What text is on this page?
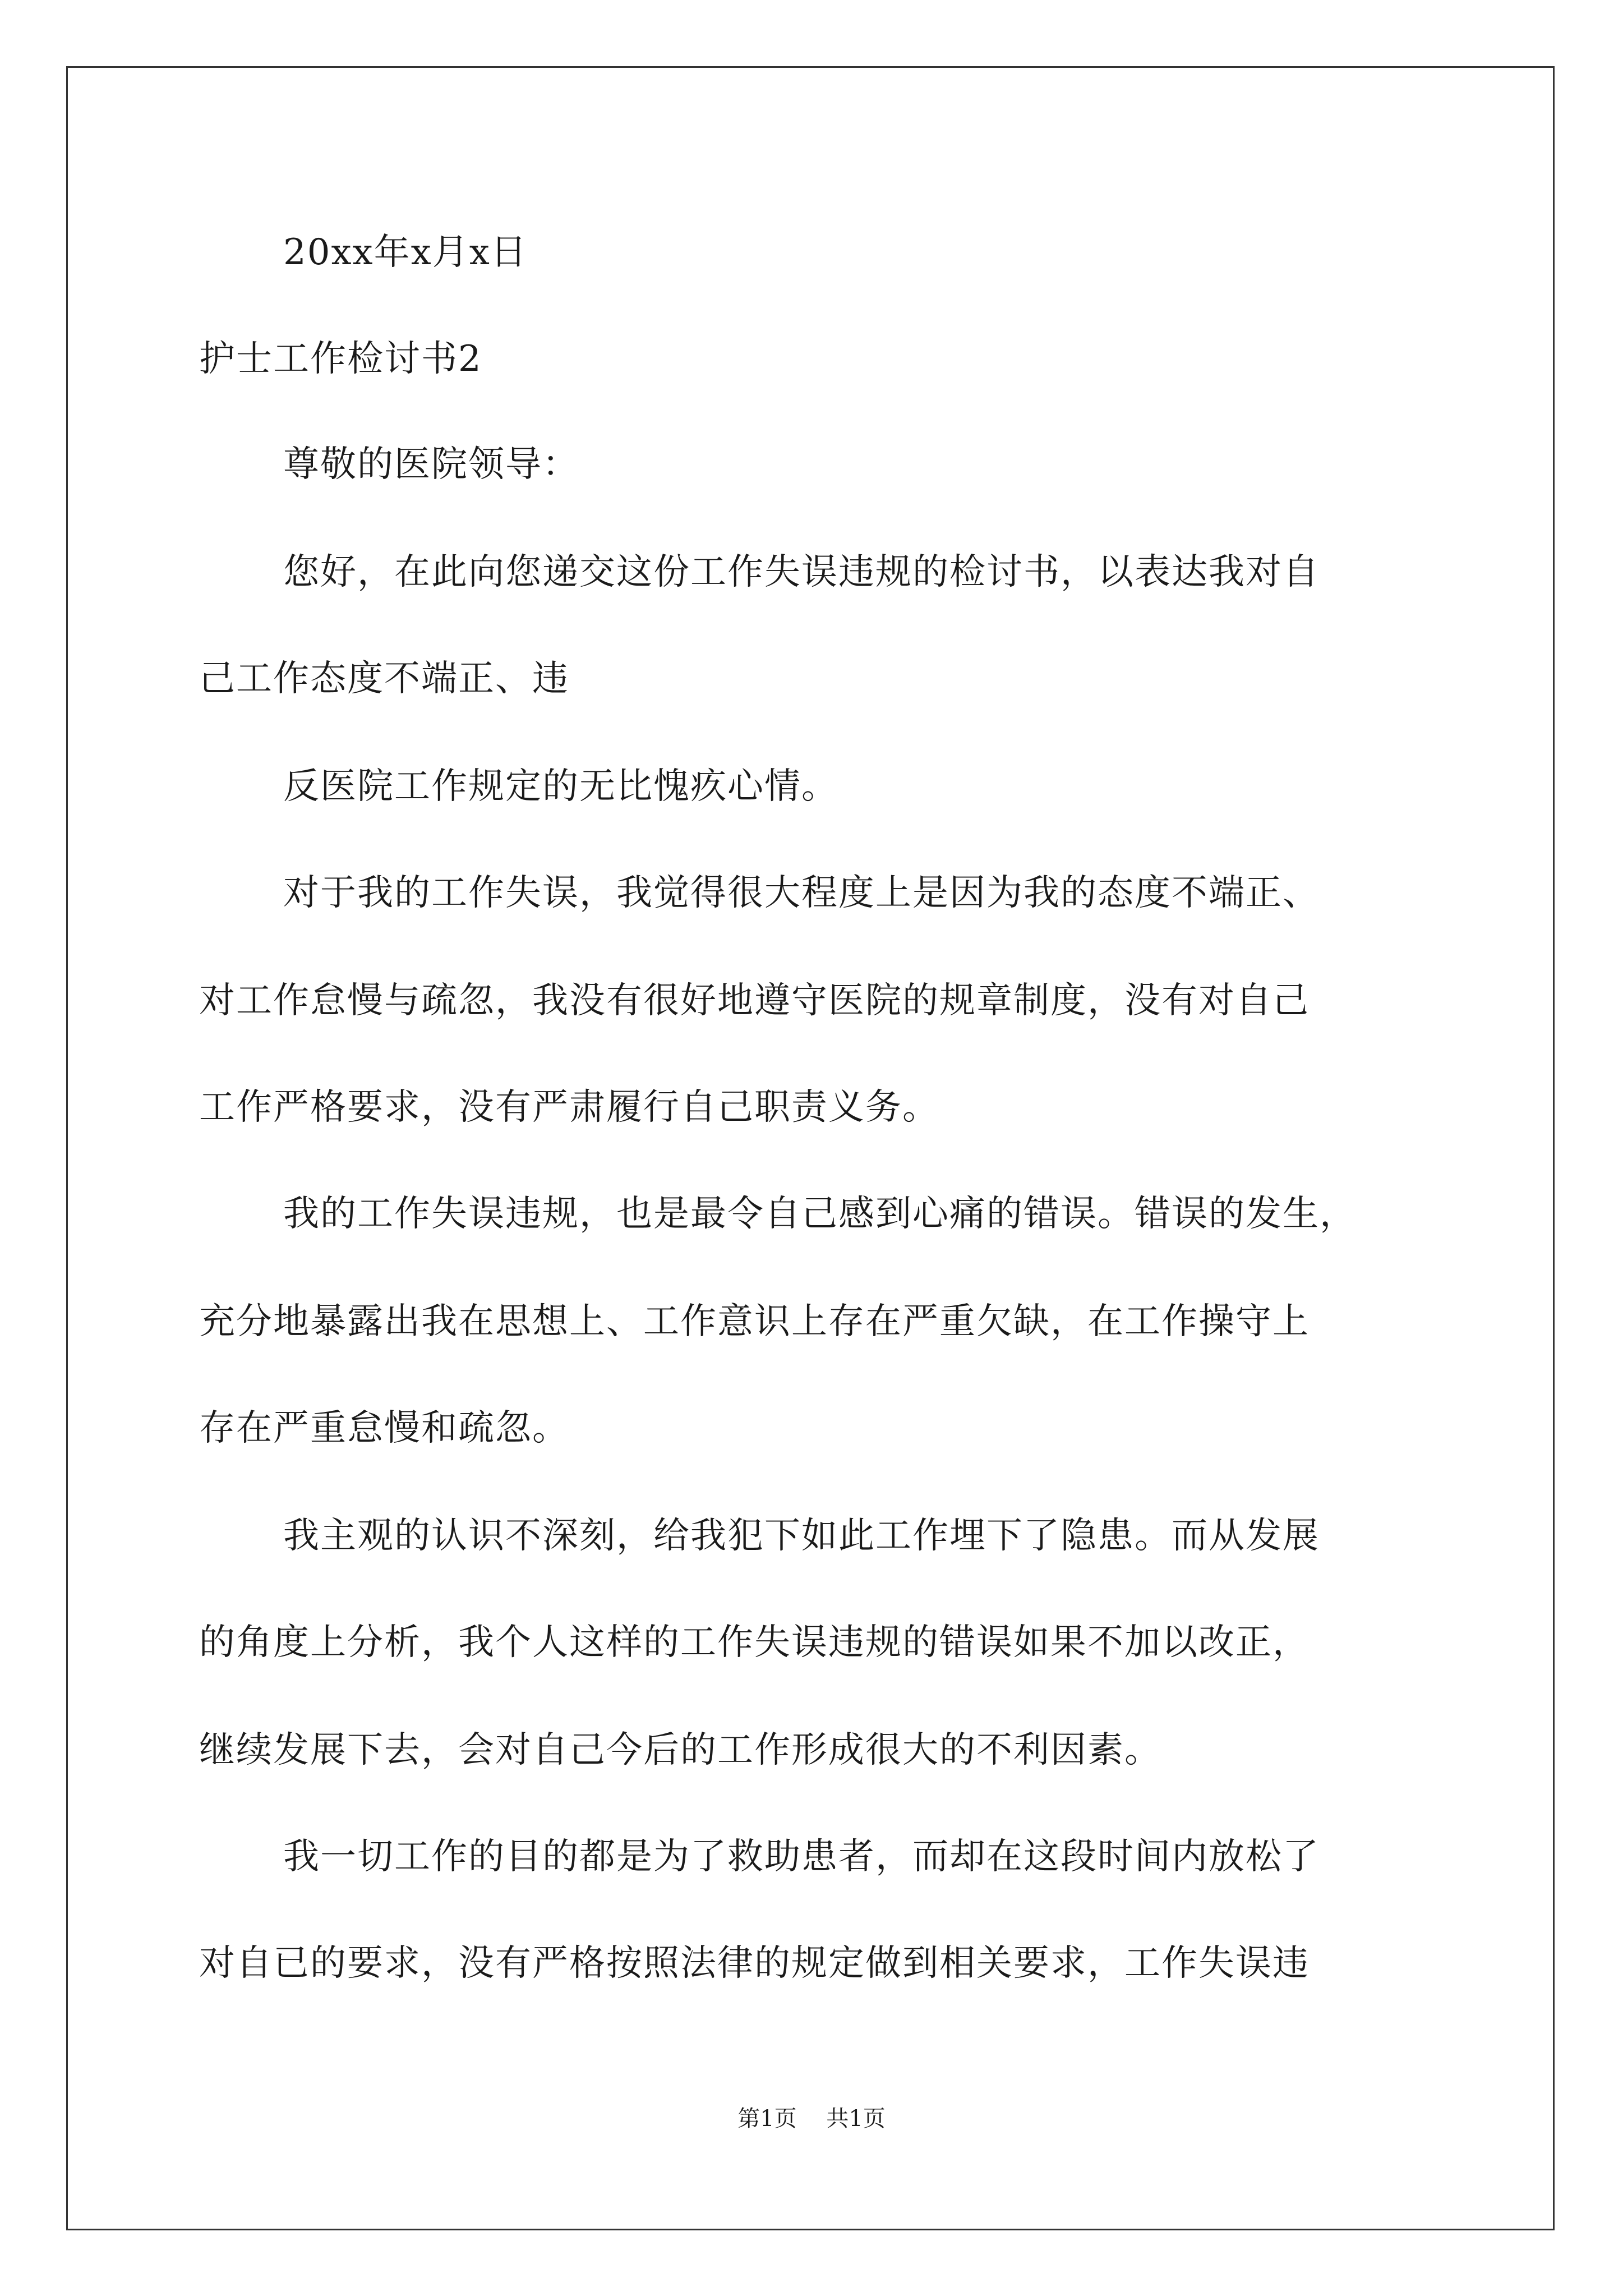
20xx年x月x日
护士工作检讨书2
尊敬的医院领导：
您好，在此向您递交这份工作失误违规的检讨书，以表达我对自
己工作态度不端正、违
反医院工作规定的无比愧疚心情。
对于我的工作失误，我觉得很大程度上是因为我的态度不端正、
对工作怠慢与疏忽，我没有很好地遵守医院的规章制度，没有对自己
工作严格要求，没有严肃履行自己职责义务。
我的工作失误违规，也是最令自己感到心痛的错误。错误的发生，
充分地暴露出我在思想上、工作意识上存在严重欠缺，在工作操守上
存在严重怠慢和疏忽。
我主观的认识不深刻，给我犯下如此工作埋下了隐患。而从发展
的角度上分析，我个人这样的工作失误违规的错误如果不加以改正，
继续发展下去，会对自己今后的工作形成很大的不利因素。
我一切工作的目的都是为了救助患者，而却在这段时间内放松了
对自已的要求，没有严格按照法律的规定做到相关要求，工作失误违
第1页 共1页
